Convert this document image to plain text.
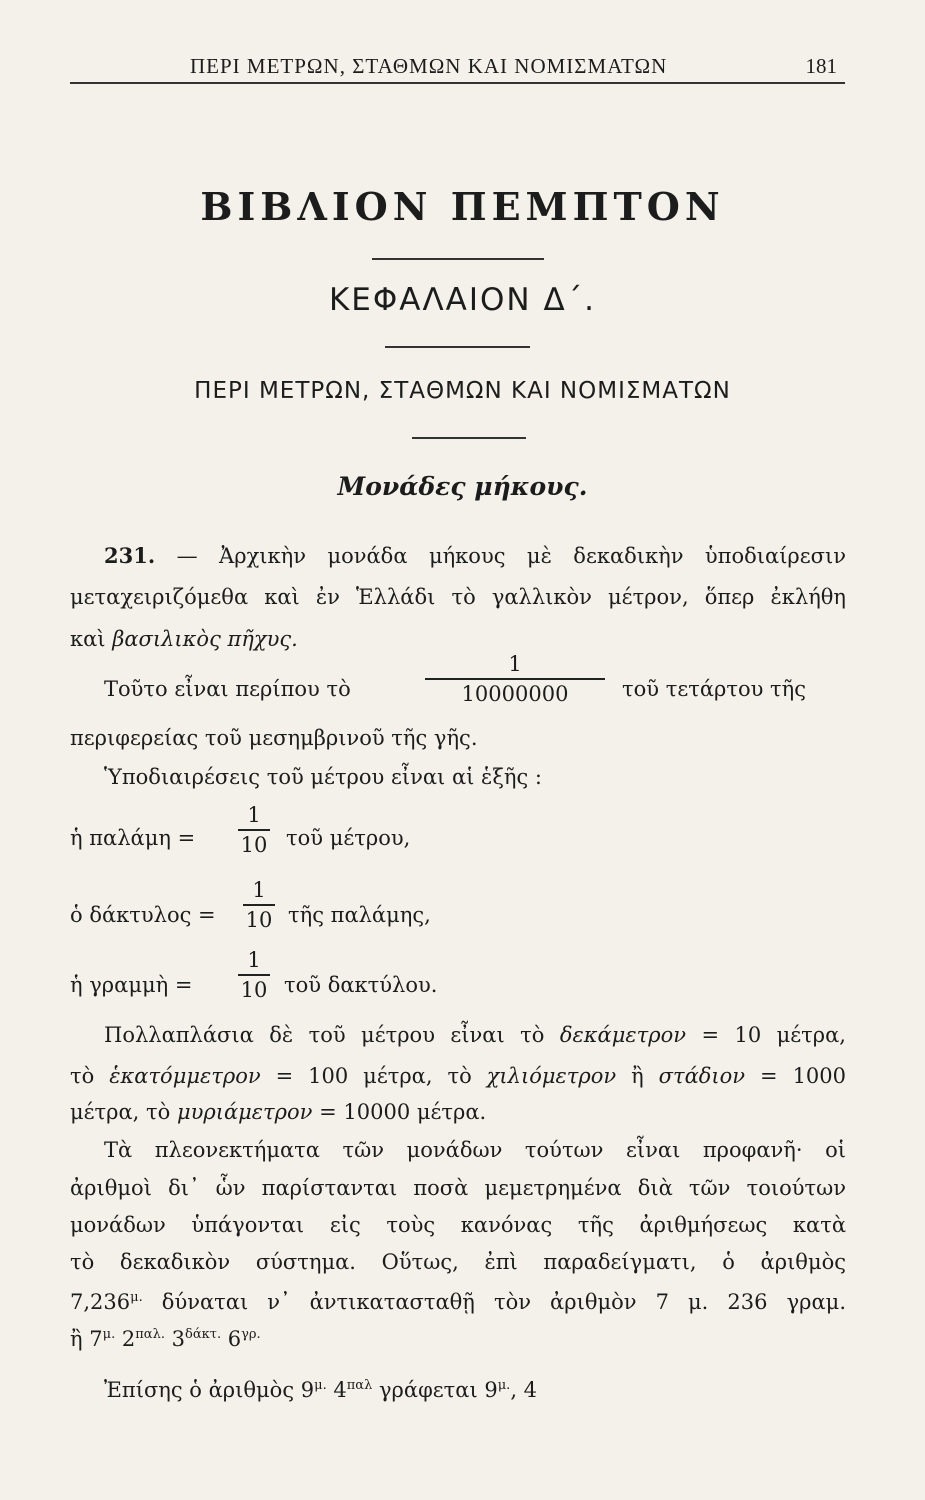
ΠΕΡΙ ΜΕΤΡΩΝ, ΣΤΑΘΜΩΝ ΚΑΙ ΝΟΜΙΣΜΑΤΩΝ	181
ΒΙΒΛΙΟΝ ΠΕΜΠΤΟΝ
ΚΕΦΑΛΑΙΟΝ Δ΄.
ΠΕΡΙ ΜΕΤΡΩΝ, ΣΤΑΘΜΩΝ ΚΑΙ ΝΟΜΙΣΜΑΤΩΝ
Μονάδες μήκους.
231. — Ἀρχικὴν μονάδα μήκους μὲ δεκαδικὴν ὑποδιαίρεσιν
μεταχειριζόμεθα καὶ ἐν Ἑλλάδι τὸ γαλλικὸν μέτρον, ὅπερ ἐκλήθη
καὶ βασιλικὸς πῆχυς.
Τοῦτο εἶναι περίπου τὸ
1
10000000	τοῦ τετάρτου τῆς
περιφερείας τοῦ μεσημβρινοῦ τῆς γῆς.
Ὑποδιαιρέσεις τοῦ μέτρου εἶναι αἱ ἑξῆς :
ἡ παλάμη =
1
10 τοῦ μέτρου,
ὁ δάκτυλος =
1
10 τῆς παλάμης,
ἡ γραμμὴ =
1
10 τοῦ δακτύλου.
Πολλαπλάσια δὲ τοῦ μέτρου εἶναι τὸ δεκάμετρον = 10 μέτρα,
τὸ ἑκατόμμετρον = 100 μέτρα, τὸ χιλιόμετρον ἢ στάδιον = 1000
μέτρα, τὸ μυριάμετρον = 10000 μέτρα.
Τὰ πλεονεκτήματα τῶν μονάδων τούτων εἶναι προφανῆ· οἱ
ἀριθμοὶ δι᾽ ὧν παρίστανται ποσὰ μεμετρημένα διὰ τῶν τοιούτων
μονάδων ὑπάγονται εἰς τοὺς κανόνας τῆς ἀριθμήσεως κατὰ
τὸ δεκαδικὸν σύστημα. Οὕτως, ἐπὶ παραδείγματι, ὁ ἀριθμὸς
$7,236^{\mu.}$ δύναται ν᾽ ἀντικατασταθῇ τὸν ἀριθμὸν 7 μ. 236 γραμ.
ἢ $7^{\mu.}$ $2^{\pi\alpha\lambda.}$ $3^{\delta ά\kappa\tau.}$ $6^{\gamma\rho.}$
Ἐπίσης ὁ ἀριθμὸς $9^{\mu.}$ $4^{\pi\alpha\lambda}$ γράφεται $9^{\mu.}$, 4
